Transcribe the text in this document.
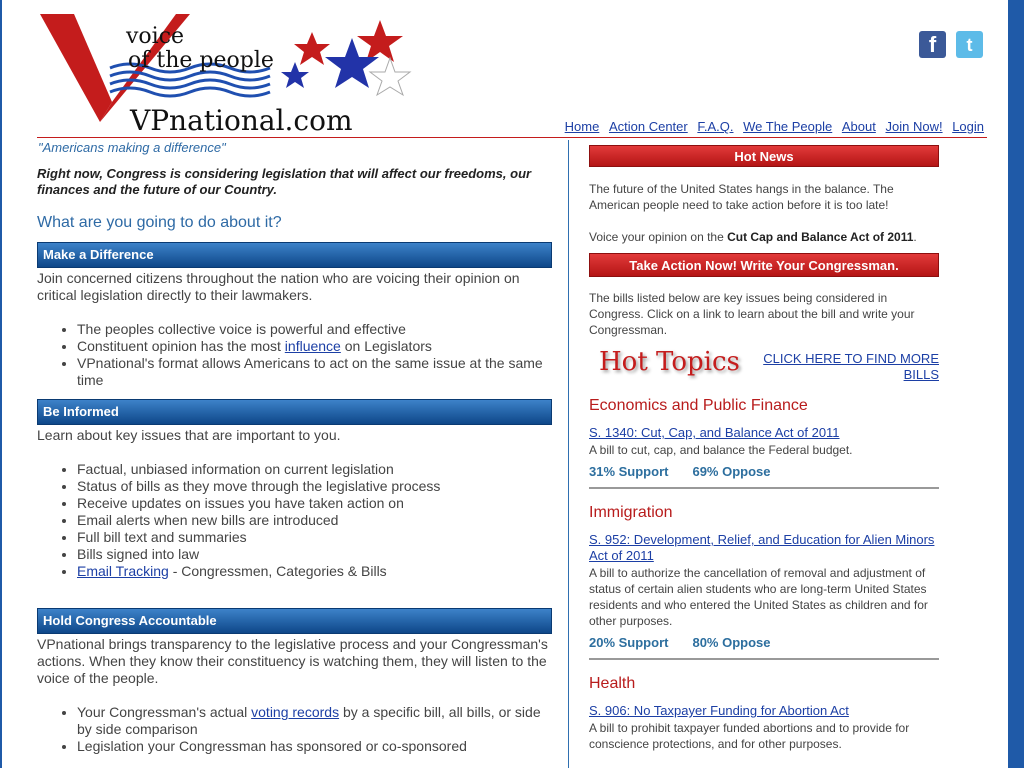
voice
of the people
VPnational.com
f	t
Home Action Center F.A.Q. We The People About Join Now! Login
"Americans making a difference"
Right now, Congress is considering legislation that will affect our freedoms, our finances and the future of our Country.
What are you going to do about it?
Make a Difference
Join concerned citizens throughout the nation who are voicing their opinion on critical legislation directly to their lawmakers.
• The peoples collective voice is powerful and effective
• Constituent opinion has the most influence on Legislators
• VPnational's format allows Americans to act on the same issue at the same time
Be Informed
Learn about key issues that are important to you.
• Factual, unbiased information on current legislation
• Status of bills as they move through the legislative process
• Receive updates on issues you have taken action on
• Email alerts when new bills are introduced
• Full bill text and summaries
• Bills signed into law
• Email Tracking - Congressmen, Categories & Bills
Hold Congress Accountable
VPnational brings transparency to the legislative process and your Congressman's actions. When they know their constituency is watching them, they will listen to the voice of the people.
• Your Congressman's actual voting records by a specific bill, all bills, or side by side comparison
• Legislation your Congressman has sponsored or co-sponsored
Hot News
The future of the United States hangs in the balance. The American people need to take action before it is too late!
Voice your opinion on the Cut Cap and Balance Act of 2011.
Take Action Now! Write Your Congressman.
The bills listed below are key issues being considered in Congress. Click on a link to learn about the bill and write your Congressman.
Hot Topics	CLICK HERE TO FIND MORE BILLS
Economics and Public Finance
S. 1340: Cut, Cap, and Balance Act of 2011
A bill to cut, cap, and balance the Federal budget.
31% Support 69% Oppose
Immigration
S. 952: Development, Relief, and Education for Alien Minors Act of 2011
A bill to authorize the cancellation of removal and adjustment of status of certain alien students who are long-term United States residents and who entered the United States as children and for other purposes.
20% Support 80% Oppose
Health
S. 906: No Taxpayer Funding for Abortion Act
A bill to prohibit taxpayer funded abortions and to provide for conscience protections, and for other purposes.
